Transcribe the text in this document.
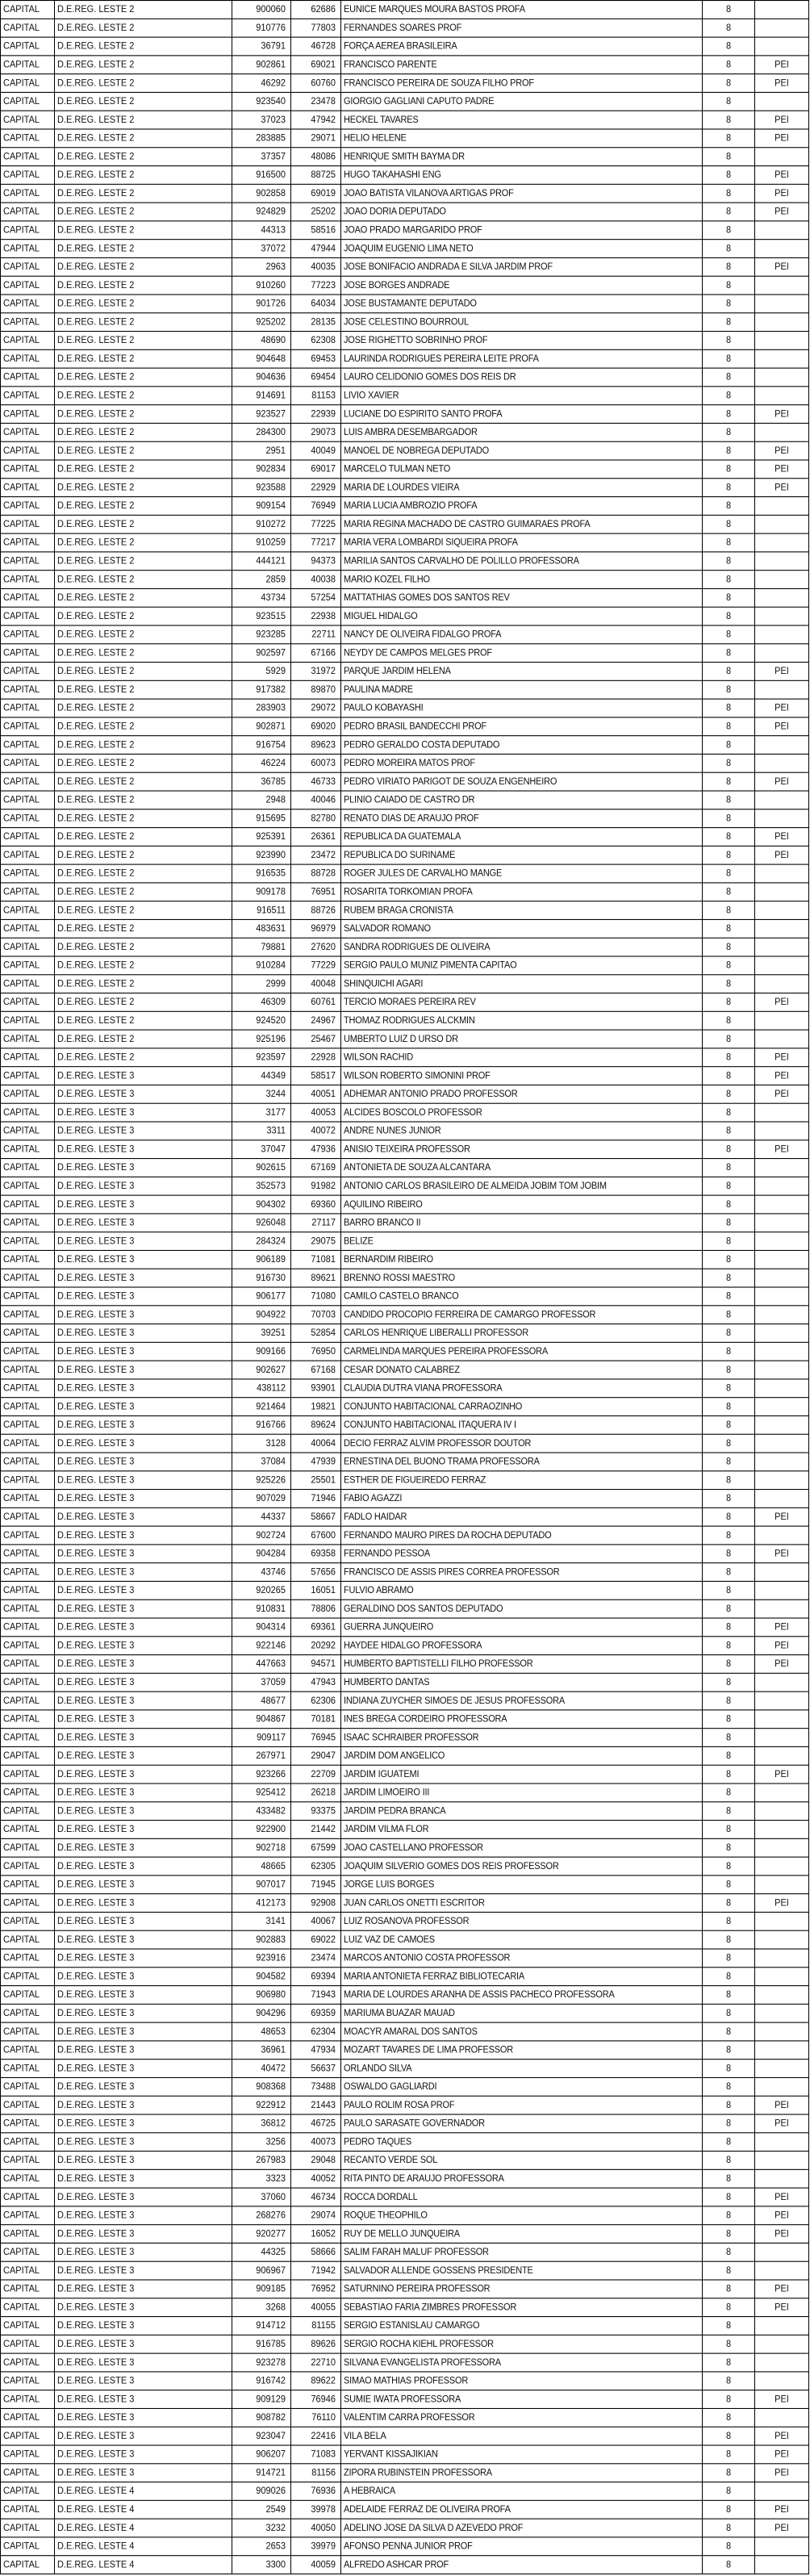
CAPITAL	D.E.REG. LESTE 2	900060	62686	EUNICE MARQUES MOURA BASTOS PROFA	8	
CAPITAL	D.E.REG. LESTE 2	910776	77803	FERNANDES SOARES PROF	8	
CAPITAL	D.E.REG. LESTE 2	36791	46728	FORÇA AEREA BRASILEIRA	8	
CAPITAL	D.E.REG. LESTE 2	902861	69021	FRANCISCO PARENTE	8	PEI
CAPITAL	D.E.REG. LESTE 2	46292	60760	FRANCISCO PEREIRA DE SOUZA FILHO PROF	8	PEI
CAPITAL	D.E.REG. LESTE 2	923540	23478	GIORGIO GAGLIANI CAPUTO PADRE	8	
CAPITAL	D.E.REG. LESTE 2	37023	47942	HECKEL TAVARES	8	PEI
CAPITAL	D.E.REG. LESTE 2	283885	29071	HELIO HELENE	8	PEI
CAPITAL	D.E.REG. LESTE 2	37357	48086	HENRIQUE SMITH BAYMA DR	8	
CAPITAL	D.E.REG. LESTE 2	916500	88725	HUGO TAKAHASHI ENG	8	PEI
CAPITAL	D.E.REG. LESTE 2	902858	69019	JOAO BATISTA VILANOVA ARTIGAS PROF	8	PEI
CAPITAL	D.E.REG. LESTE 2	924829	25202	JOAO DORIA DEPUTADO	8	PEI
CAPITAL	D.E.REG. LESTE 2	44313	58516	JOAO PRADO MARGARIDO PROF	8	
CAPITAL	D.E.REG. LESTE 2	37072	47944	JOAQUIM EUGENIO LIMA NETO	8	
CAPITAL	D.E.REG. LESTE 2	2963	40035	JOSE BONIFACIO ANDRADA E SILVA JARDIM PROF	8	PEI
CAPITAL	D.E.REG. LESTE 2	910260	77223	JOSE BORGES ANDRADE	8	
CAPITAL	D.E.REG. LESTE 2	901726	64034	JOSE BUSTAMANTE DEPUTADO	8	
CAPITAL	D.E.REG. LESTE 2	925202	28135	JOSE CELESTINO BOURROUL	8	
CAPITAL	D.E.REG. LESTE 2	48690	62308	JOSE RIGHETTO SOBRINHO PROF	8	
CAPITAL	D.E.REG. LESTE 2	904648	69453	LAURINDA RODRIGUES PEREIRA LEITE PROFA	8	
CAPITAL	D.E.REG. LESTE 2	904636	69454	LAURO CELIDONIO GOMES DOS REIS DR	8	
CAPITAL	D.E.REG. LESTE 2	914691	81153	LIVIO XAVIER	8	
CAPITAL	D.E.REG. LESTE 2	923527	22939	LUCIANE DO ESPIRITO SANTO PROFA	8	PEI
CAPITAL	D.E.REG. LESTE 2	284300	29073	LUIS AMBRA DESEMBARGADOR	8	
CAPITAL	D.E.REG. LESTE 2	2951	40049	MANOEL DE NOBREGA DEPUTADO	8	PEI
CAPITAL	D.E.REG. LESTE 2	902834	69017	MARCELO TULMAN NETO	8	PEI
CAPITAL	D.E.REG. LESTE 2	923588	22929	MARIA DE LOURDES VIEIRA	8	PEI
CAPITAL	D.E.REG. LESTE 2	909154	76949	MARIA LUCIA AMBROZIO PROFA	8	
CAPITAL	D.E.REG. LESTE 2	910272	77225	MARIA REGINA MACHADO DE CASTRO GUIMARAES PROFA	8	
CAPITAL	D.E.REG. LESTE 2	910259	77217	MARIA VERA LOMBARDI SIQUEIRA PROFA	8	
CAPITAL	D.E.REG. LESTE 2	444121	94373	MARILIA SANTOS CARVALHO DE POLILLO PROFESSORA	8	
CAPITAL	D.E.REG. LESTE 2	2859	40038	MARIO KOZEL FILHO	8	
CAPITAL	D.E.REG. LESTE 2	43734	57254	MATTATHIAS GOMES DOS SANTOS REV	8	
CAPITAL	D.E.REG. LESTE 2	923515	22938	MIGUEL HIDALGO	8	
CAPITAL	D.E.REG. LESTE 2	923285	22711	NANCY DE OLIVEIRA FIDALGO PROFA	8	
CAPITAL	D.E.REG. LESTE 2	902597	67166	NEYDY DE CAMPOS MELGES PROF	8	
CAPITAL	D.E.REG. LESTE 2	5929	31972	PARQUE JARDIM HELENA	8	PEI
CAPITAL	D.E.REG. LESTE 2	917382	89870	PAULINA MADRE	8	
CAPITAL	D.E.REG. LESTE 2	283903	29072	PAULO KOBAYASHI	8	PEI
CAPITAL	D.E.REG. LESTE 2	902871	69020	PEDRO BRASIL BANDECCHI PROF	8	PEI
CAPITAL	D.E.REG. LESTE 2	916754	89623	PEDRO GERALDO COSTA DEPUTADO	8	
CAPITAL	D.E.REG. LESTE 2	46224	60073	PEDRO MOREIRA MATOS PROF	8	
CAPITAL	D.E.REG. LESTE 2	36785	46733	PEDRO VIRIATO PARIGOT DE SOUZA ENGENHEIRO	8	PEI
CAPITAL	D.E.REG. LESTE 2	2948	40046	PLINIO CAIADO DE CASTRO DR	8	
CAPITAL	D.E.REG. LESTE 2	915695	82780	RENATO DIAS DE ARAUJO PROF	8	
CAPITAL	D.E.REG. LESTE 2	925391	26361	REPUBLICA DA GUATEMALA	8	PEI
CAPITAL	D.E.REG. LESTE 2	923990	23472	REPUBLICA DO SURINAME	8	PEI
CAPITAL	D.E.REG. LESTE 2	916535	88728	ROGER JULES DE CARVALHO MANGE	8	
CAPITAL	D.E.REG. LESTE 2	909178	76951	ROSARITA TORKOMIAN PROFA	8	
CAPITAL	D.E.REG. LESTE 2	916511	88726	RUBEM BRAGA CRONISTA	8	
CAPITAL	D.E.REG. LESTE 2	483631	96979	SALVADOR ROMANO	8	
CAPITAL	D.E.REG. LESTE 2	79881	27620	SANDRA RODRIGUES DE OLIVEIRA	8	
CAPITAL	D.E.REG. LESTE 2	910284	77229	SERGIO PAULO MUNIZ PIMENTA CAPITAO	8	
CAPITAL	D.E.REG. LESTE 2	2999	40048	SHINQUICHI AGARI	8	
CAPITAL	D.E.REG. LESTE 2	46309	60761	TERCIO MORAES PEREIRA REV	8	PEI
CAPITAL	D.E.REG. LESTE 2	924520	24967	THOMAZ RODRIGUES ALCKMIN	8	
CAPITAL	D.E.REG. LESTE 2	925196	25467	UMBERTO LUIZ D URSO DR	8	
CAPITAL	D.E.REG. LESTE 2	923597	22928	WILSON RACHID	8	PEI
CAPITAL	D.E.REG. LESTE 3	44349	58517	WILSON ROBERTO SIMONINI PROF	8	PEI
CAPITAL	D.E.REG. LESTE 3	3244	40051	ADHEMAR ANTONIO PRADO PROFESSOR	8	PEI
CAPITAL	D.E.REG. LESTE 3	3177	40053	ALCIDES BOSCOLO PROFESSOR	8	
CAPITAL	D.E.REG. LESTE 3	3311	40072	ANDRE NUNES JUNIOR	8	
CAPITAL	D.E.REG. LESTE 3	37047	47936	ANISIO TEIXEIRA PROFESSOR	8	PEI
CAPITAL	D.E.REG. LESTE 3	902615	67169	ANTONIETA DE SOUZA ALCANTARA	8	
CAPITAL	D.E.REG. LESTE 3	352573	91982	ANTONIO CARLOS BRASILEIRO DE ALMEIDA JOBIM TOM JOBIM	8	
CAPITAL	D.E.REG. LESTE 3	904302	69360	AQUILINO RIBEIRO	8	
CAPITAL	D.E.REG. LESTE 3	926048	27117	BARRO BRANCO II	8	
CAPITAL	D.E.REG. LESTE 3	284324	29075	BELIZE	8	
CAPITAL	D.E.REG. LESTE 3	906189	71081	BERNARDIM RIBEIRO	8	
CAPITAL	D.E.REG. LESTE 3	916730	89621	BRENNO ROSSI MAESTRO	8	
CAPITAL	D.E.REG. LESTE 3	906177	71080	CAMILO CASTELO BRANCO	8	
CAPITAL	D.E.REG. LESTE 3	904922	70703	CANDIDO PROCOPIO FERREIRA DE CAMARGO PROFESSOR	8	
CAPITAL	D.E.REG. LESTE 3	39251	52854	CARLOS HENRIQUE LIBERALLI PROFESSOR	8	
CAPITAL	D.E.REG. LESTE 3	909166	76950	CARMELINDA MARQUES PEREIRA PROFESSORA	8	
CAPITAL	D.E.REG. LESTE 3	902627	67168	CESAR DONATO CALABREZ	8	
CAPITAL	D.E.REG. LESTE 3	438112	93901	CLAUDIA DUTRA VIANA PROFESSORA	8	
CAPITAL	D.E.REG. LESTE 3	921464	19821	CONJUNTO HABITACIONAL CARRAOZINHO	8	
CAPITAL	D.E.REG. LESTE 3	916766	89624	CONJUNTO HABITACIONAL ITAQUERA IV I	8	
CAPITAL	D.E.REG. LESTE 3	3128	40064	DECIO FERRAZ ALVIM PROFESSOR DOUTOR	8	
CAPITAL	D.E.REG. LESTE 3	37084	47939	ERNESTINA DEL BUONO TRAMA PROFESSORA	8	
CAPITAL	D.E.REG. LESTE 3	925226	25501	ESTHER DE FIGUEIREDO FERRAZ	8	
CAPITAL	D.E.REG. LESTE 3	907029	71946	FABIO AGAZZI	8	
CAPITAL	D.E.REG. LESTE 3	44337	58667	FADLO HAIDAR	8	PEI
CAPITAL	D.E.REG. LESTE 3	902724	67600	FERNANDO MAURO PIRES DA ROCHA DEPUTADO	8	
CAPITAL	D.E.REG. LESTE 3	904284	69358	FERNANDO PESSOA	8	PEI
CAPITAL	D.E.REG. LESTE 3	43746	57656	FRANCISCO DE ASSIS PIRES CORREA PROFESSOR	8	
CAPITAL	D.E.REG. LESTE 3	920265	16051	FULVIO ABRAMO	8	
CAPITAL	D.E.REG. LESTE 3	910831	78806	GERALDINO DOS SANTOS DEPUTADO	8	
CAPITAL	D.E.REG. LESTE 3	904314	69361	GUERRA JUNQUEIRO	8	PEI
CAPITAL	D.E.REG. LESTE 3	922146	20292	HAYDEE HIDALGO PROFESSORA	8	PEI
CAPITAL	D.E.REG. LESTE 3	447663	94571	HUMBERTO BAPTISTELLI FILHO PROFESSOR	8	PEI
CAPITAL	D.E.REG. LESTE 3	37059	47943	HUMBERTO DANTAS	8	
CAPITAL	D.E.REG. LESTE 3	48677	62306	INDIANA ZUYCHER SIMOES DE JESUS PROFESSORA	8	
CAPITAL	D.E.REG. LESTE 3	904867	70181	INES BREGA CORDEIRO PROFESSORA	8	
CAPITAL	D.E.REG. LESTE 3	909117	76945	ISAAC SCHRAIBER PROFESSOR	8	
CAPITAL	D.E.REG. LESTE 3	267971	29047	JARDIM DOM ANGELICO	8	
CAPITAL	D.E.REG. LESTE 3	923266	22709	JARDIM IGUATEMI	8	PEI
CAPITAL	D.E.REG. LESTE 3	925412	26218	JARDIM LIMOEIRO III	8	
CAPITAL	D.E.REG. LESTE 3	433482	93375	JARDIM PEDRA BRANCA	8	
CAPITAL	D.E.REG. LESTE 3	922900	21442	JARDIM VILMA FLOR	8	
CAPITAL	D.E.REG. LESTE 3	902718	67599	JOAO CASTELLANO PROFESSOR	8	
CAPITAL	D.E.REG. LESTE 3	48665	62305	JOAQUIM SILVERIO GOMES DOS REIS PROFESSOR	8	
CAPITAL	D.E.REG. LESTE 3	907017	71945	JORGE LUIS BORGES	8	
CAPITAL	D.E.REG. LESTE 3	412173	92908	JUAN CARLOS ONETTI ESCRITOR	8	PEI
CAPITAL	D.E.REG. LESTE 3	3141	40067	LUIZ ROSANOVA PROFESSOR	8	
CAPITAL	D.E.REG. LESTE 3	902883	69022	LUIZ VAZ DE CAMOES	8	
CAPITAL	D.E.REG. LESTE 3	923916	23474	MARCOS ANTONIO COSTA PROFESSOR	8	
CAPITAL	D.E.REG. LESTE 3	904582	69394	MARIA ANTONIETA FERRAZ BIBLIOTECARIA	8	
CAPITAL	D.E.REG. LESTE 3	906980	71943	MARIA DE LOURDES ARANHA DE ASSIS PACHECO PROFESSORA	8	
CAPITAL	D.E.REG. LESTE 3	904296	69359	MARIUMA BUAZAR MAUAD	8	
CAPITAL	D.E.REG. LESTE 3	48653	62304	MOACYR AMARAL DOS SANTOS	8	
CAPITAL	D.E.REG. LESTE 3	36961	47934	MOZART TAVARES DE LIMA PROFESSOR	8	
CAPITAL	D.E.REG. LESTE 3	40472	56637	ORLANDO SILVA	8	
CAPITAL	D.E.REG. LESTE 3	908368	73488	OSWALDO GAGLIARDI	8	
CAPITAL	D.E.REG. LESTE 3	922912	21443	PAULO ROLIM ROSA PROF	8	PEI
CAPITAL	D.E.REG. LESTE 3	36812	46725	PAULO SARASATE GOVERNADOR	8	PEI
CAPITAL	D.E.REG. LESTE 3	3256	40073	PEDRO TAQUES	8	
CAPITAL	D.E.REG. LESTE 3	267983	29048	RECANTO VERDE SOL	8	
CAPITAL	D.E.REG. LESTE 3	3323	40052	RITA PINTO DE ARAUJO PROFESSORA	8	
CAPITAL	D.E.REG. LESTE 3	37060	46734	ROCCA DORDALL	8	PEI
CAPITAL	D.E.REG. LESTE 3	268276	29074	ROQUE THEOPHILO	8	PEI
CAPITAL	D.E.REG. LESTE 3	920277	16052	RUY DE MELLO JUNQUEIRA	8	PEI
CAPITAL	D.E.REG. LESTE 3	44325	58666	SALIM FARAH MALUF PROFESSOR	8	
CAPITAL	D.E.REG. LESTE 3	906967	71942	SALVADOR ALLENDE GOSSENS PRESIDENTE	8	
CAPITAL	D.E.REG. LESTE 3	909185	76952	SATURNINO PEREIRA PROFESSOR	8	PEI
CAPITAL	D.E.REG. LESTE 3	3268	40055	SEBASTIAO FARIA ZIMBRES PROFESSOR	8	PEI
CAPITAL	D.E.REG. LESTE 3	914712	81155	SERGIO ESTANISLAU CAMARGO	8	
CAPITAL	D.E.REG. LESTE 3	916785	89626	SERGIO ROCHA KIEHL PROFESSOR	8	
CAPITAL	D.E.REG. LESTE 3	923278	22710	SILVANA EVANGELISTA PROFESSORA	8	
CAPITAL	D.E.REG. LESTE 3	916742	89622	SIMAO MATHIAS PROFESSOR	8	
CAPITAL	D.E.REG. LESTE 3	909129	76946	SUMIE IWATA PROFESSORA	8	PEI
CAPITAL	D.E.REG. LESTE 3	908782	76110	VALENTIM CARRA PROFESSOR	8	
CAPITAL	D.E.REG. LESTE 3	923047	22416	VILA BELA	8	PEI
CAPITAL	D.E.REG. LESTE 3	906207	71083	YERVANT KISSAJIKIAN	8	PEI
CAPITAL	D.E.REG. LESTE 3	914721	81156	ZIPORA RUBINSTEIN PROFESSORA	8	PEI
CAPITAL	D.E.REG. LESTE 4	909026	76936	A HEBRAICA	8	
CAPITAL	D.E.REG. LESTE 4	2549	39978	ADELAIDE FERRAZ DE OLIVEIRA PROFA	8	PEI
CAPITAL	D.E.REG. LESTE 4	3232	40050	ADELINO JOSE DA SILVA D AZEVEDO PROF	8	PEI
CAPITAL	D.E.REG. LESTE 4	2653	39979	AFONSO PENNA JUNIOR PROF	8	
CAPITAL	D.E.REG. LESTE 4	3300	40059	ALFREDO ASHCAR PROF	8	
